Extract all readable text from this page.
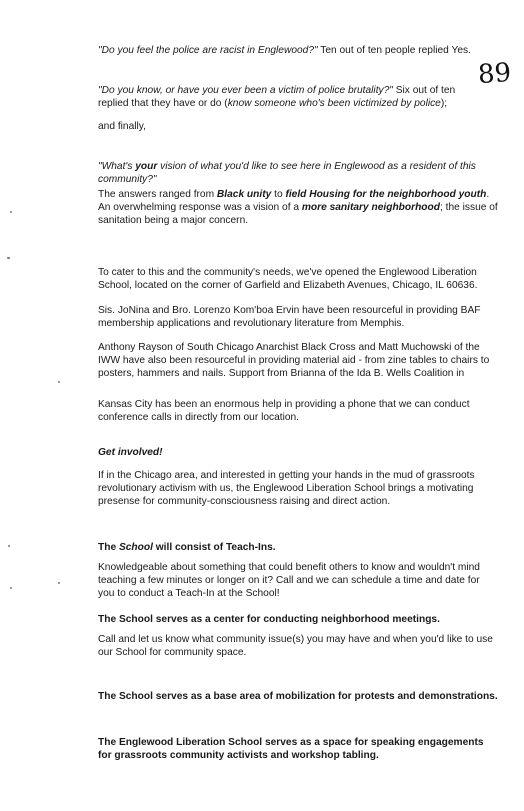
89

"Do you feel the police are racist in Englewood?" Ten out of ten people replied Yes.

"Do you know, or have you ever been a victim of police brutality?" Six out of ten replied that they have or do (know someone who's been victimized by police);

and finally,

"What's your vision of what you'd like to see here in Englewood as a resident of this community?"

The answers ranged from Black unity to field Housing for the neighborhood youth. An overwhelming response was a vision of a more sanitary neighborhood; the issue of sanitation being a major concern.

To cater to this and the community's needs, we've opened the Englewood Liberation School, located on the corner of Garfield and Elizabeth Avenues, Chicago, IL 60636.

Sis. JoNina and Bro. Lorenzo Kom'boa Ervin have been resourceful in providing BAF membership applications and revolutionary literature from Memphis.

Anthony Rayson of South Chicago Anarchist Black Cross and Matt Muchowski of the IWW have also been resourceful in providing material aid - from zine tables to chairs to posters, hammers and nails. Support from Brianna of the Ida B. Wells Coalition in

Kansas City has been an enormous help in providing a phone that we can conduct conference calls in directly from our location.

Get involved!

If in the Chicago area, and interested in getting your hands in the mud of grassroots revolutionary activism with us, the Englewood Liberation School brings a motivating presense for community-consciousness raising and direct action.

The School will consist of Teach-Ins.

Knowledgeable about something that could benefit others to know and wouldn't mind teaching a few minutes or longer on it? Call and we can schedule a time and date for you to conduct a Teach-In at the School!

The School serves as a center for conducting neighborhood meetings.

Call and let us know what community issue(s) you may have and when you'd like to use our School for community space.

The School serves as a base area of mobilization for protests and demonstrations.

The Englewood Liberation School serves as a space for speaking engagements for grassroots community activists and workshop tabling.
